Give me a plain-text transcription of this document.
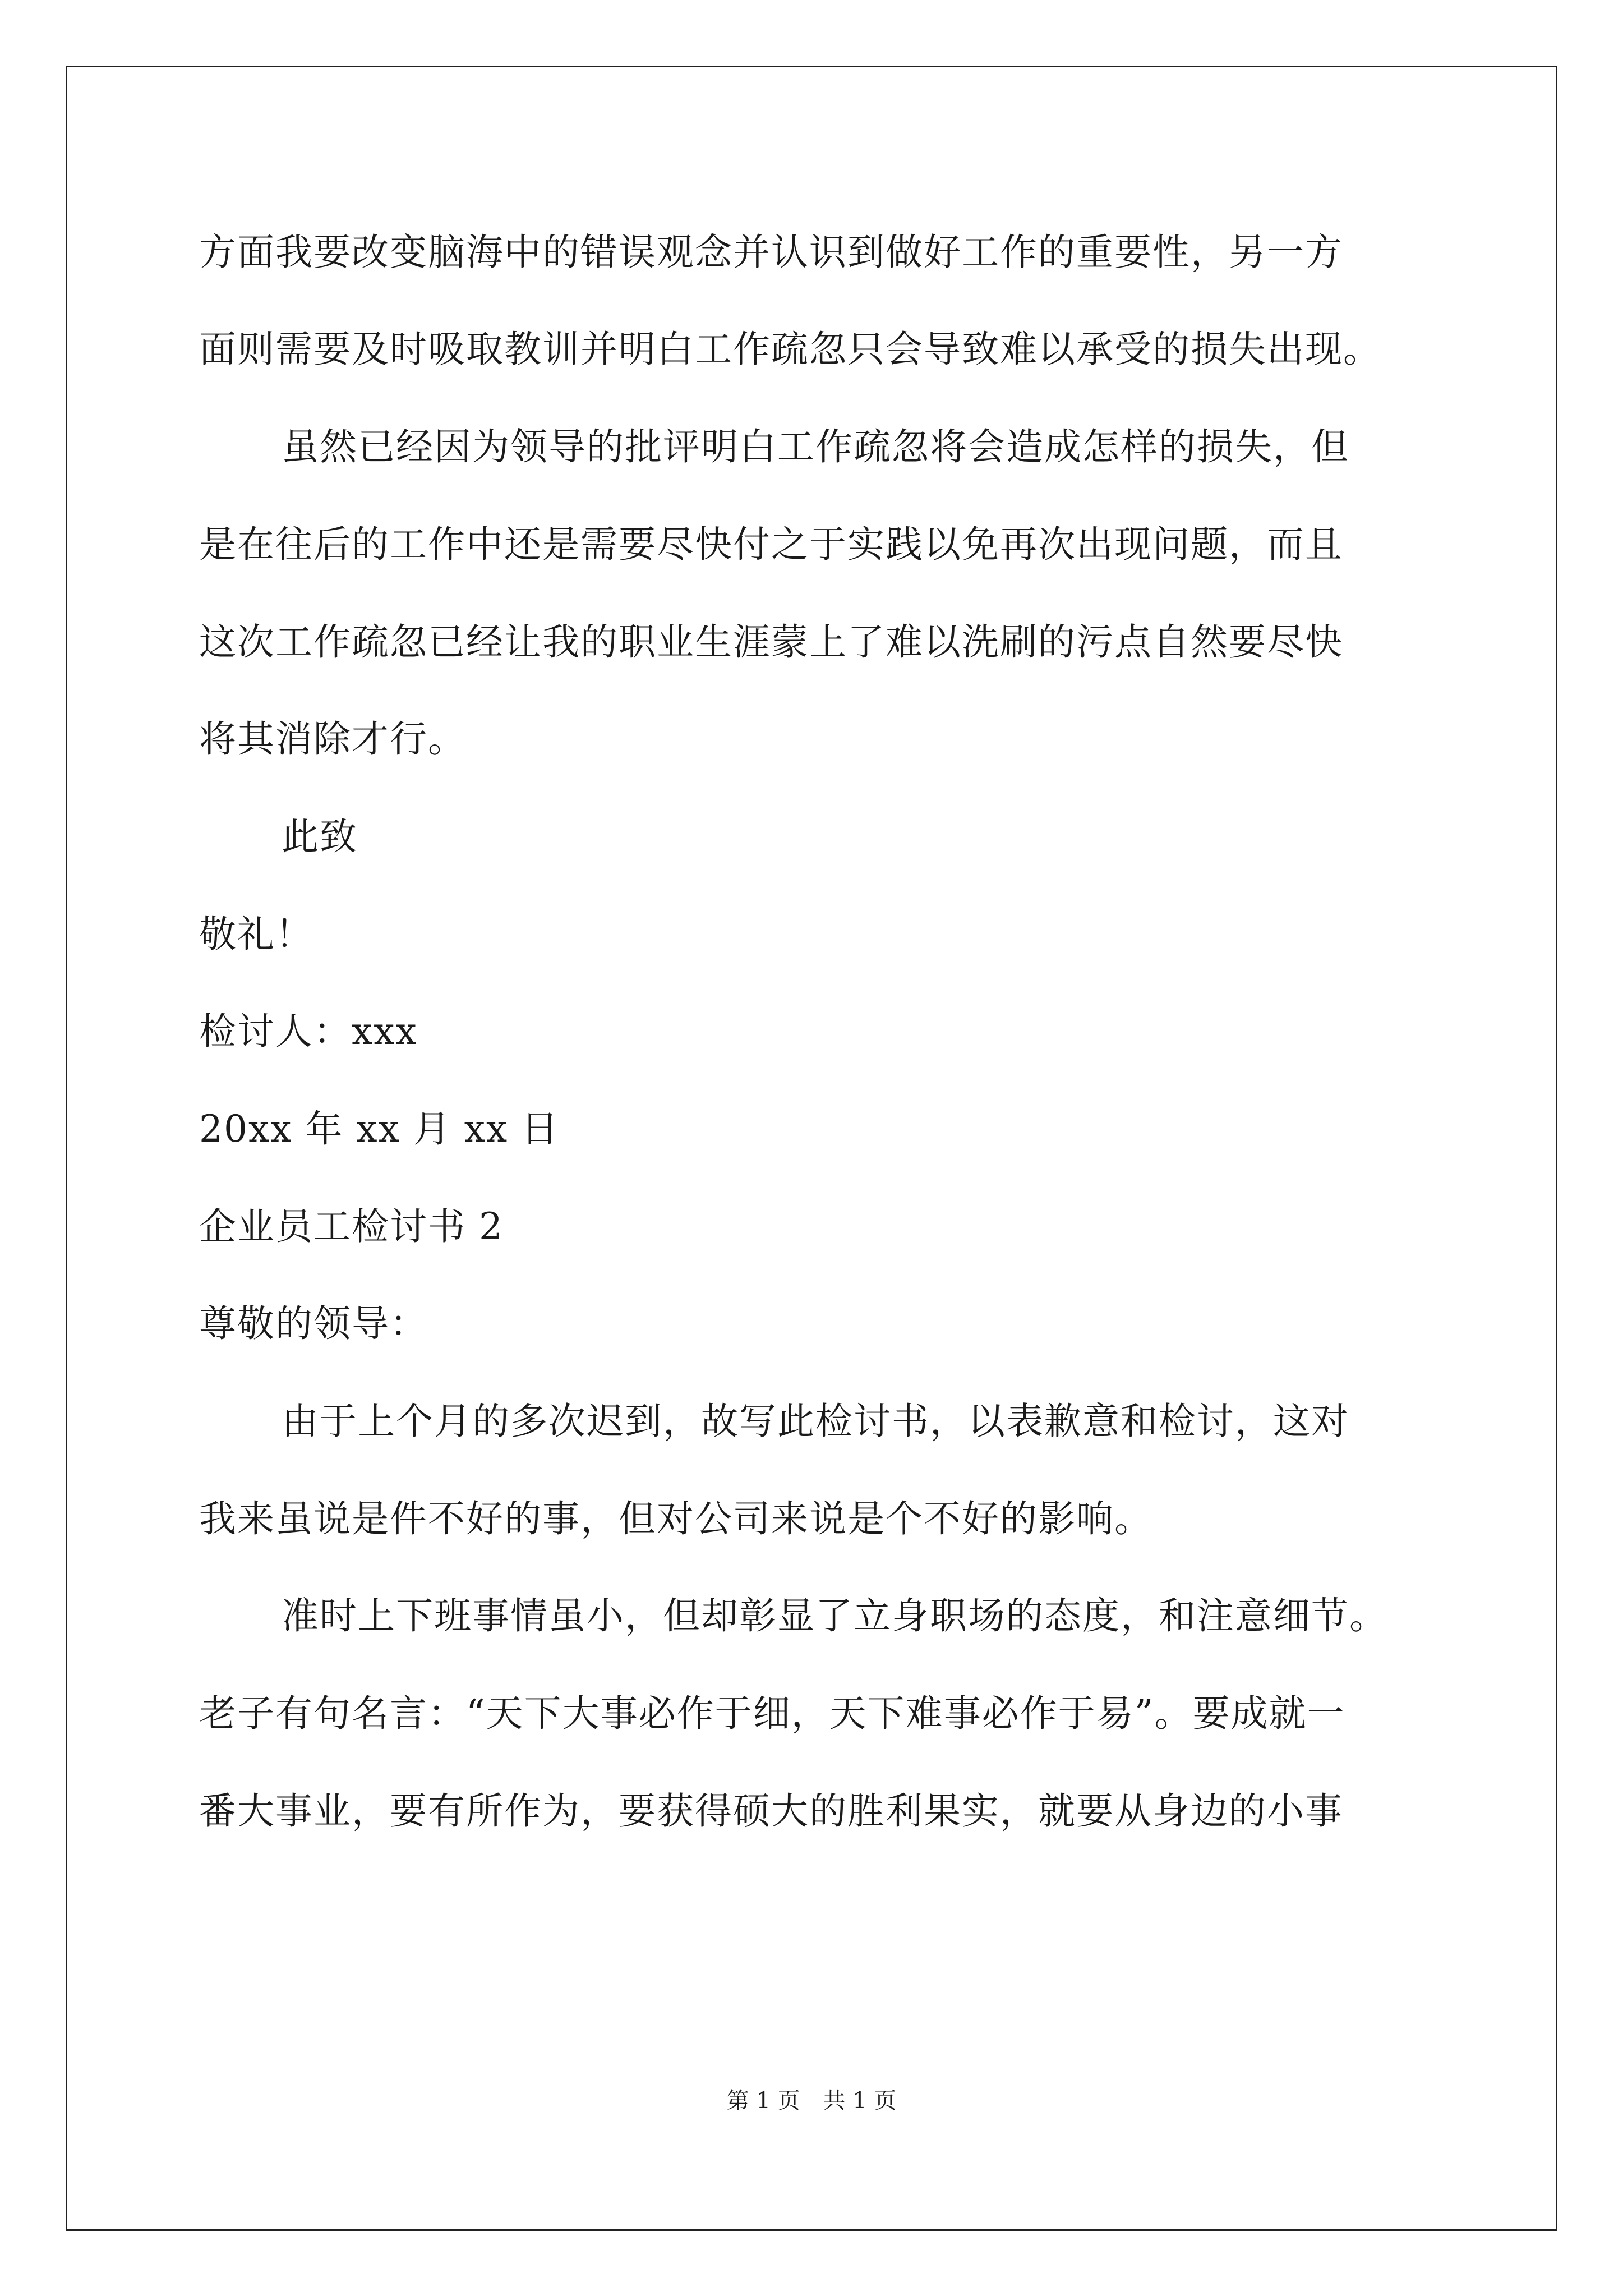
方面我要改变脑海中的错误观念并认识到做好工作的重要性，另一方
面则需要及时吸取教训并明白工作疏忽只会导致难以承受的损失出现。
虽然已经因为领导的批评明白工作疏忽将会造成怎样的损失，但
是在往后的工作中还是需要尽快付之于实践以免再次出现问题，而且
这次工作疏忽已经让我的职业生涯蒙上了难以洗刷的污点自然要尽快
将其消除才行。
此致
敬礼！
检讨人：xxx
20xx 年 xx 月 xx 日
企业员工检讨书 2
尊敬的领导：
由于上个月的多次迟到，故写此检讨书，以表歉意和检讨，这对
我来虽说是件不好的事，但对公司来说是个不好的影响。
准时上下班事情虽小，但却彰显了立身职场的态度，和注意细节。
老子有句名言：“天下大事必作于细，天下难事必作于易”。要成就一
番大事业，要有所作为，要获得硕大的胜利果实，就要从身边的小事
第 1 页 共 1 页
